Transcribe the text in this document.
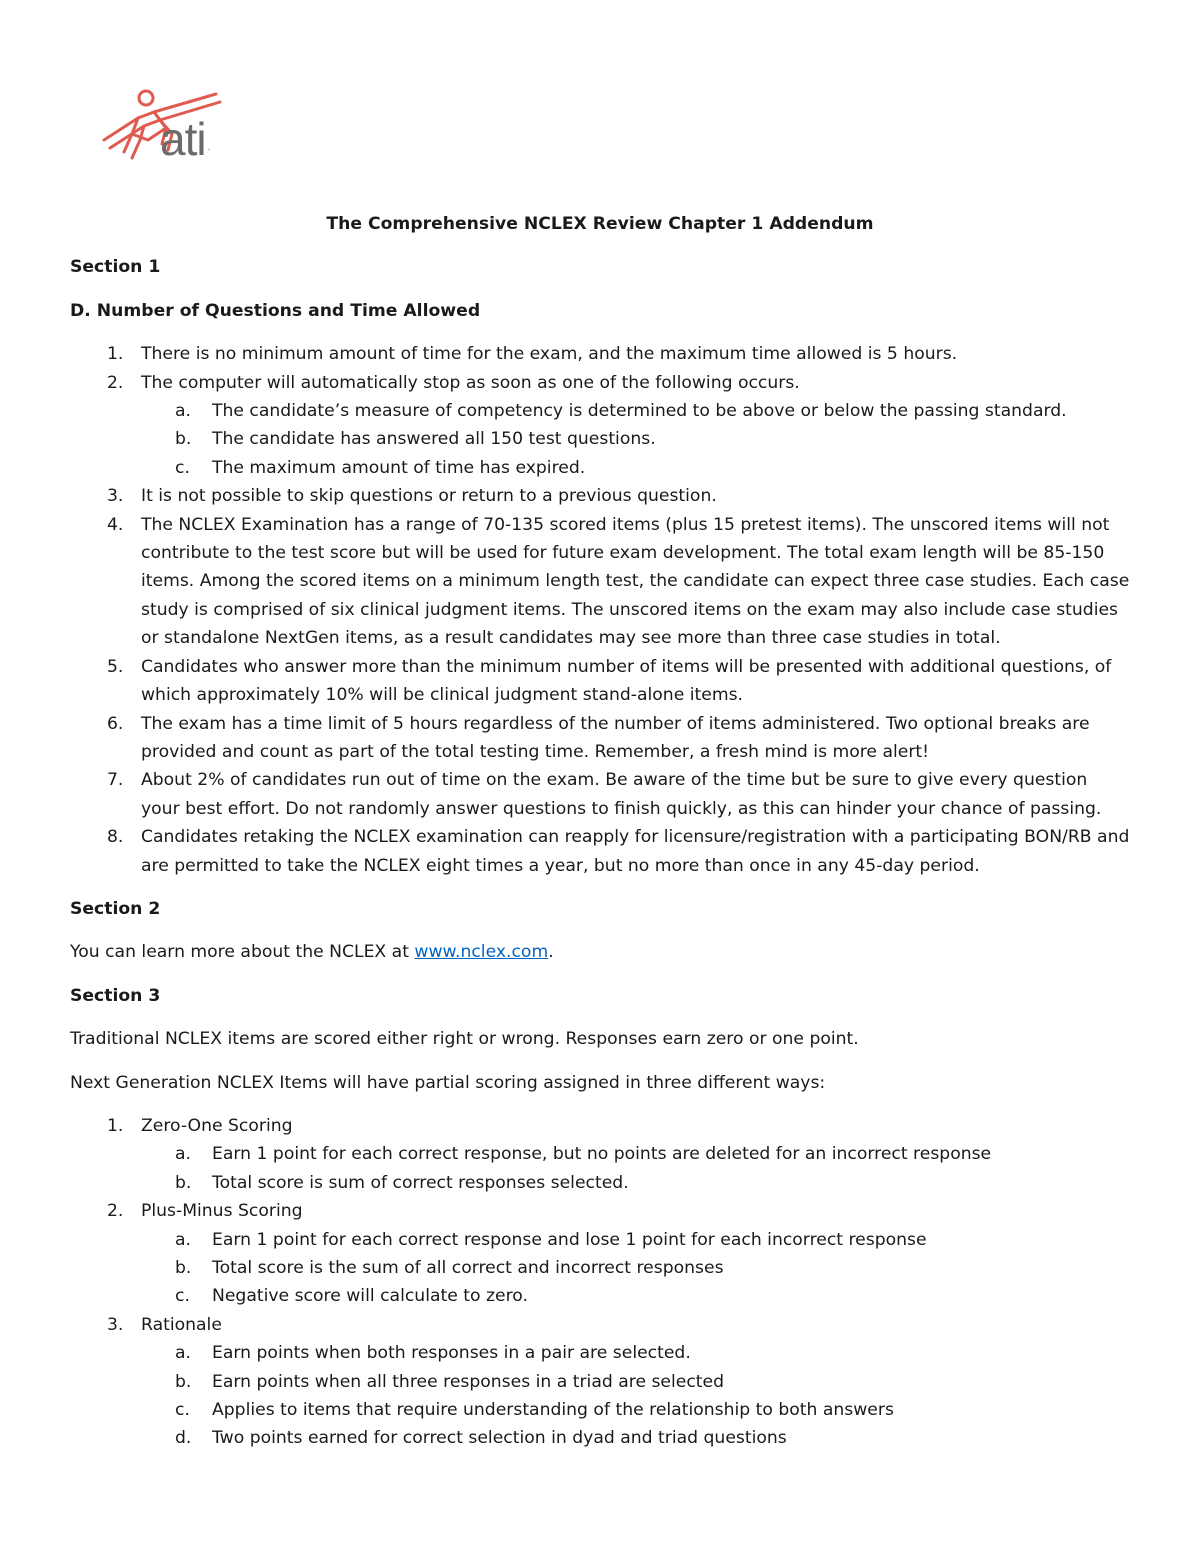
ati .
The Comprehensive NCLEX Review Chapter 1 Addendum
Section 1
D. Number of Questions and Time Allowed
1. There is no minimum amount of time for the exam, and the maximum time allowed is 5 hours.
2. The computer will automatically stop as soon as one of the following occurs.
a. The candidate’s measure of competency is determined to be above or below the passing standard.
b. The candidate has answered all 150 test questions.
c. The maximum amount of time has expired.
3. It is not possible to skip questions or return to a previous question.
4. The NCLEX Examination has a range of 70-135 scored items (plus 15 pretest items). The unscored items will not contribute to the test score but will be used for future exam development. The total exam length will be 85-150 items. Among the scored items on a minimum length test, the candidate can expect three case studies. Each case study is comprised of six clinical judgment items. The unscored items on the exam may also include case studies or standalone NextGen items, as a result candidates may see more than three case studies in total.
5. Candidates who answer more than the minimum number of items will be presented with additional questions, of which approximately 10% will be clinical judgment stand-alone items.
6. The exam has a time limit of 5 hours regardless of the number of items administered. Two optional breaks are provided and count as part of the total testing time. Remember, a fresh mind is more alert!
7. About 2% of candidates run out of time on the exam. Be aware of the time but be sure to give every question your best effort. Do not randomly answer questions to finish quickly, as this can hinder your chance of passing.
8. Candidates retaking the NCLEX examination can reapply for licensure/registration with a participating BON/RB and are permitted to take the NCLEX eight times a year, but no more than once in any 45-day period.
Section 2

You can learn more about the NCLEX at www.nclex.com.

Section 3

Traditional NCLEX items are scored either right or wrong. Responses earn zero or one point.

Next Generation NCLEX Items will have partial scoring assigned in three different ways:

1. Zero-One Scoring
a. Earn 1 point for each correct response, but no points are deleted for an incorrect response
b. Total score is sum of correct responses selected.
2. Plus-Minus Scoring
a. Earn 1 point for each correct response and lose 1 point for each incorrect response
b. Total score is the sum of all correct and incorrect responses
c. Negative score will calculate to zero.
3. Rationale
a. Earn points when both responses in a pair are selected.
b. Earn points when all three responses in a triad are selected
c. Applies to items that require understanding of the relationship to both answers
d. Two points earned for correct selection in dyad and triad questions
